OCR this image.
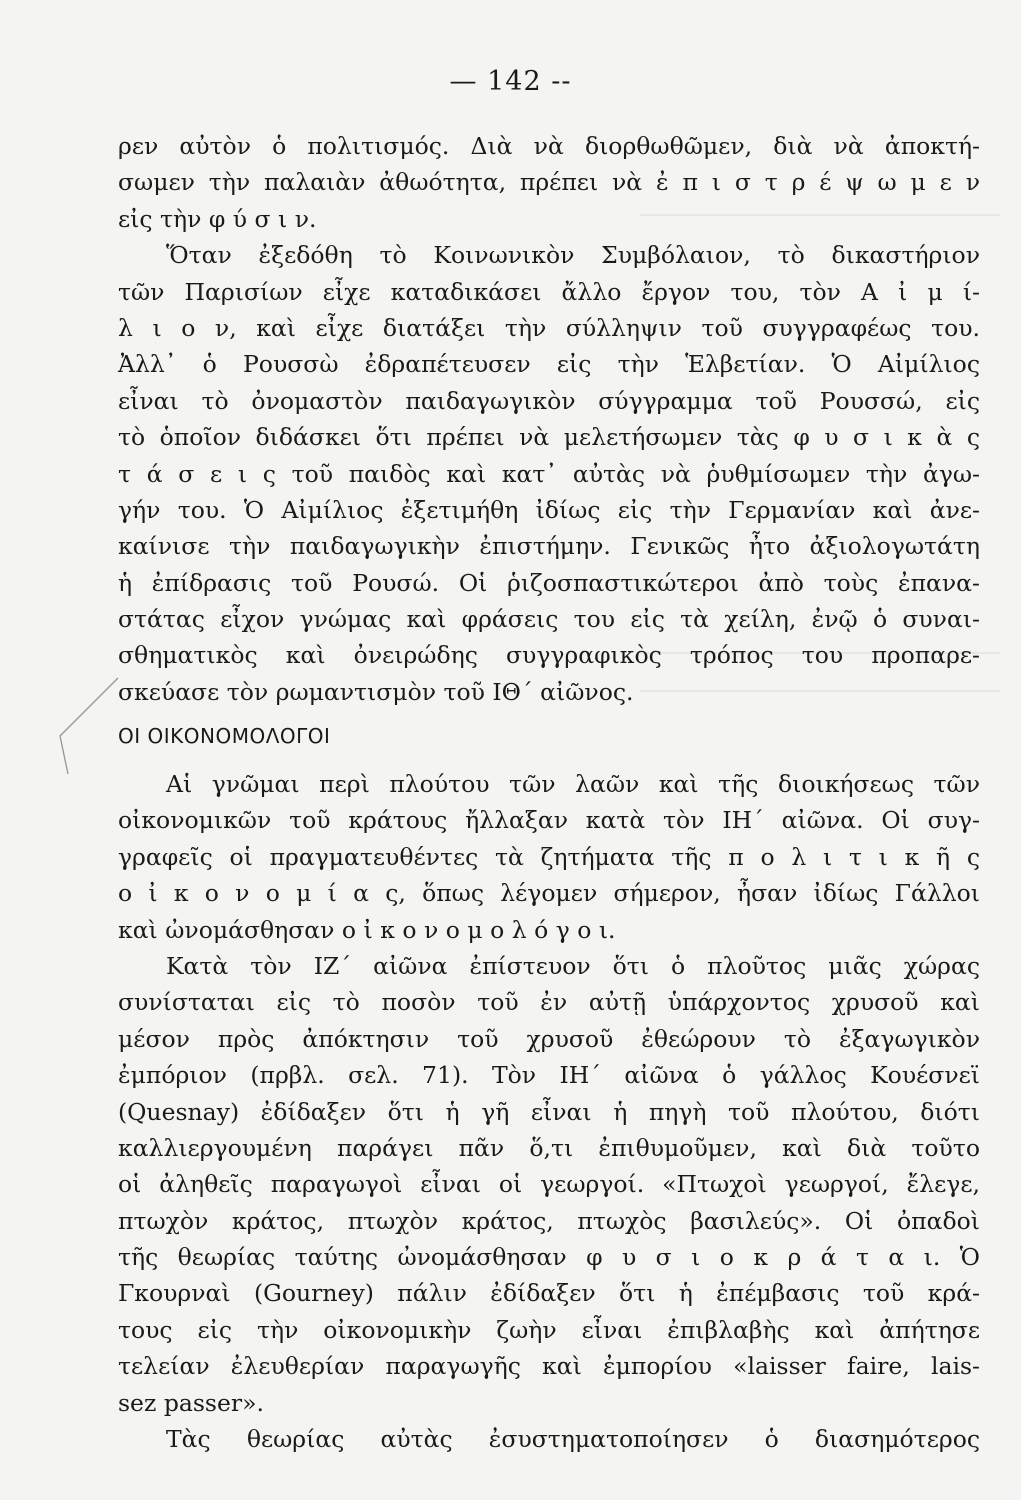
— 142 --
ρεν αὐτὸν ὁ πολιτισμός. Διὰ νὰ διορθωθῶμεν, διὰ νὰ ἀποκτή-
σωμεν τὴν παλαιὰν ἀθωότητα, πρέπει νὰ ἐ π ι σ τ ρ έ ψ ω μ ε ν
εἰς τὴν φ ύ σ ι ν.
Ὅταν ἐξεδόθη τὸ Κοινωνικὸν Συμβόλαιον, τὸ δικαστήριον
τῶν Παρισίων εἶχε καταδικάσει ἄλλο ἔργον του, τὸν Α ἰ μ ί-
λ ι ο ν, καὶ εἶχε διατάξει τὴν σύλληψιν τοῦ συγγραφέως του.
Ἀλλ᾽ ὁ Ρουσσὼ ἐδραπέτευσεν εἰς τὴν Ἑλβετίαν. Ὁ Αἰμίλιος
εἶναι τὸ ὀνομαστὸν παιδαγωγικὸν σύγγραμμα τοῦ Ρουσσώ, εἰς
τὸ ὁποῖον διδάσκει ὅτι πρέπει νὰ μελετήσωμεν τὰς φ υ σ ι κ ὰ ς
τ ά σ ε ι ς τοῦ παιδὸς καὶ κατ᾽ αὐτὰς νὰ ῥυθμίσωμεν τὴν ἀγω-
γήν του. Ὁ Αἰμίλιος ἐξετιμήθη ἰδίως εἰς τὴν Γερμανίαν καὶ ἀνε-
καίνισε τὴν παιδαγωγικὴν ἐπιστήμην. Γενικῶς ἦτο ἀξιολογωτάτη
ἡ ἐπίδρασις τοῦ Ρουσώ. Οἱ ῥιζοσπαστικώτεροι ἀπὸ τοὺς ἐπανα-
στάτας εἶχον γνώμας καὶ φράσεις του εἰς τὰ χείλη, ἐνῷ ὁ συναι-
σθηματικὸς καὶ ὀνειρώδης συγγραφικὸς τρόπος του προπαρε-
σκεύασε τὸν ρωμαντισμὸν τοῦ ΙΘ´ αἰῶνος.
ΟΙ ΟΙΚΟΝΟΜΟΛΟΓΟΙ
Αἱ γνῶμαι περὶ πλούτου τῶν λαῶν καὶ τῆς διοικήσεως τῶν
οἰκονομικῶν τοῦ κράτους ἤλλαξαν κατὰ τὸν ΙΗ´ αἰῶνα. Οἱ συγ-
γραφεῖς οἱ πραγματευθέντες τὰ ζητήματα τῆς π ο λ ι τ ι κ ῆ ς
ο ἰ κ ο ν ο μ ί α ς, ὅπως λέγομεν σήμερον, ἦσαν ἰδίως Γάλλοι
καὶ ὠνομάσθησαν ο ἰ κ ο ν ο μ ο λ ό γ ο ι.
Κατὰ τὸν ΙΖ´ αἰῶνα ἐπίστευον ὅτι ὁ πλοῦτος μιᾶς χώρας
συνίσταται εἰς τὸ ποσὸν τοῦ ἐν αὐτῇ ὑπάρχοντος χρυσοῦ καὶ
μέσον πρὸς ἀπόκτησιν τοῦ χρυσοῦ ἐθεώρουν τὸ ἐξαγωγικὸν
ἐμπόριον (πρβλ. σελ. 71). Τὸν ΙΗ´ αἰῶνα ὁ γάλλος Κουέσνεϊ
(Quesnay) ἐδίδαξεν ὅτι ἡ γῆ εἶναι ἡ πηγὴ τοῦ πλούτου, διότι
καλλιεργουμένη παράγει πᾶν ὅ,τι ἐπιθυμοῦμεν, καὶ διὰ τοῦτο
οἱ ἀληθεῖς παραγωγοὶ εἶναι οἱ γεωργοί. «Πτωχοὶ γεωργοί, ἔλεγε,
πτωχὸν κράτος, πτωχὸν κράτος, πτωχὸς βασιλεύς». Οἱ ὀπαδοὶ
τῆς θεωρίας ταύτης ὠνομάσθησαν φ υ σ ι ο κ ρ ά τ α ι. Ὁ
Γκουρναὶ (Gourney) πάλιν ἐδίδαξεν ὅτι ἡ ἐπέμβασις τοῦ κρά-
τους εἰς τὴν οἰκονομικὴν ζωὴν εἶναι ἐπιβλαβὴς καὶ ἀπήτησε
τελείαν ἐλευθερίαν παραγωγῆς καὶ ἐμπορίου «laisser faire, lais-
sez passer».
Τὰς θεωρίας αὐτὰς ἐσυστηματοποίησεν ὁ διασημότερος
